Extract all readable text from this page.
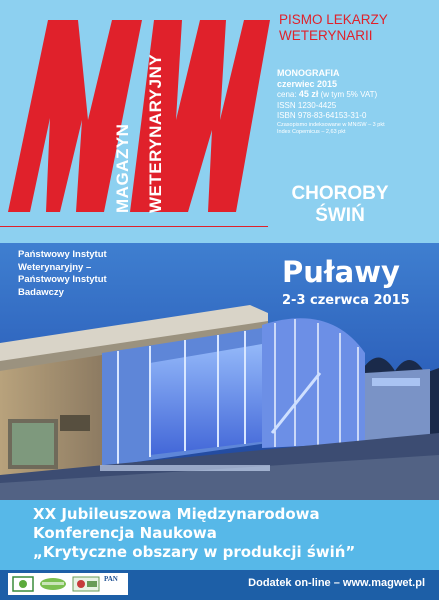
MAGAZYN WETERYNARYJNY
PISMO LEKARZY
WETERYNARII
MONOGRAFIA
czerwiec 2015
cena: 45 zł (w tym 5% VAT)
ISSN 1230-4425
ISBN 978-83-64153-31-0
Czasopismo indeksowane w MNiSW – 3 pkt
Index Copernicus – 2,63 pkt
CHOROBY
ŚWIŃ
Państwowy Instytut
Weterynaryjny –
Państwowy Instytut
Badawczy
Puławy
2-3 czerwca 2015
XX Jubileuszowa Międzynarodowa
Konferencja Naukowa
„Krytyczne obszary w produkcji świń”
PAN	Dodatek on-line – www.magwet.pl
